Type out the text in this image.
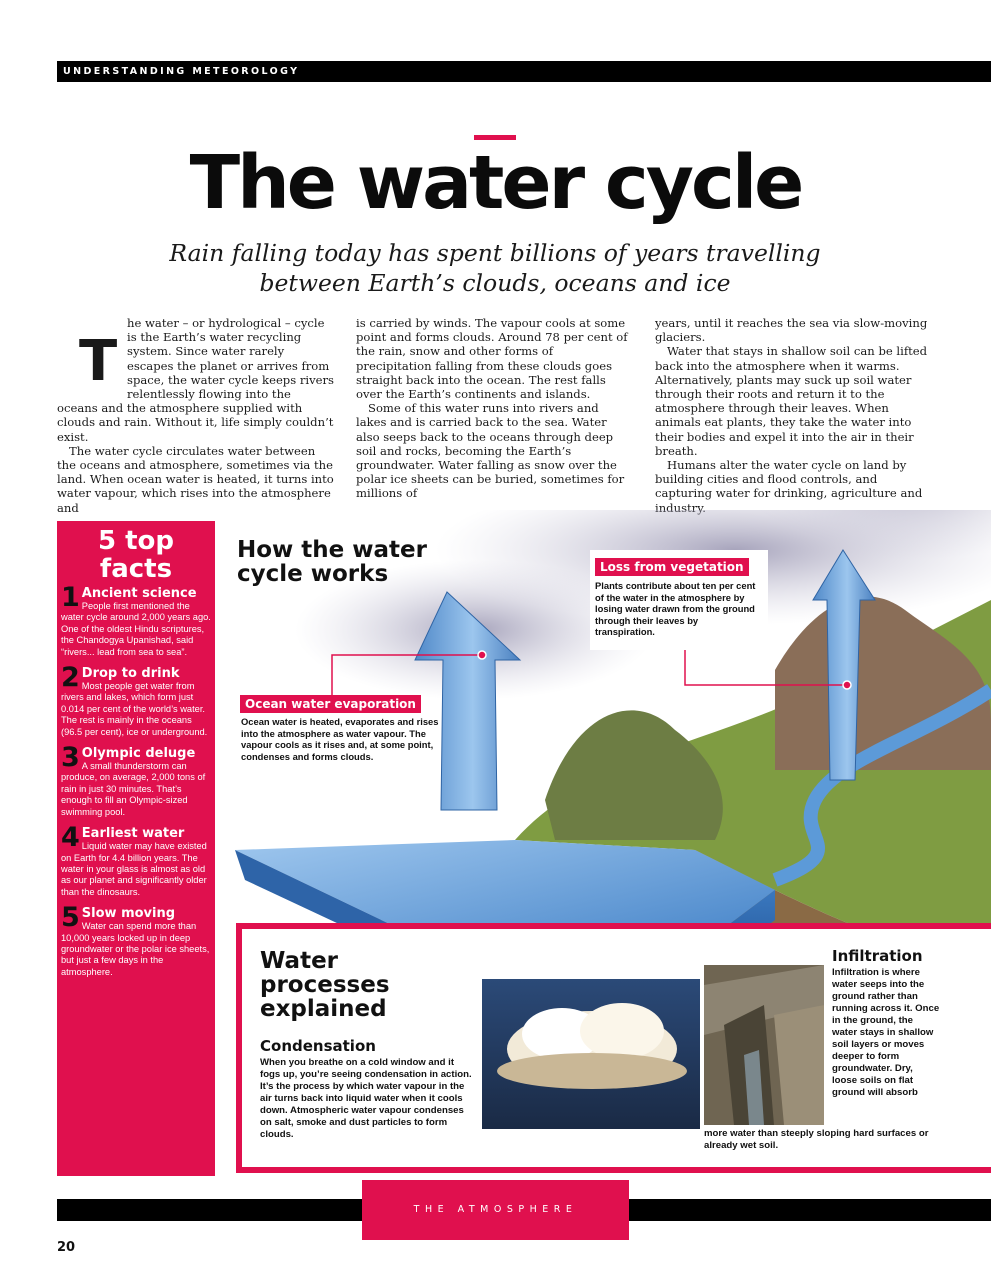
UNDERSTANDING METEOROLOGY
The water cycle
Rain falling today has spent billions of years travelling
between Earth’s clouds, oceans and ice
T

he water – or hydrological – cycle is the Earth’s water recycling system. Since water rarely escapes the planet or arrives from space, the water cycle keeps rivers relentlessly flowing into the oceans and the atmosphere supplied with clouds and rain. Without it, life simply couldn’t exist.

The water cycle circulates water between the oceans and atmosphere, sometimes via the land. When ocean water is heated, it turns into water vapour, which rises into the atmosphere and

is carried by winds. The vapour cools at some point and forms clouds. Around 78 per cent of the rain, snow and other forms of precipitation falling from these clouds goes straight back into the ocean. The rest falls over the Earth’s continents and islands.

Some of this water runs into rivers and lakes and is carried back to the sea. Water also seeps back to the oceans through deep soil and rocks, becoming the Earth’s groundwater. Water falling as snow over the polar ice sheets can be buried, sometimes for millions of

years, until it reaches the sea via slow-moving glaciers.

Water that stays in shallow soil can be lifted back into the atmosphere when it warms. Alternatively, plants may suck up soil water through their roots and return it to the atmosphere through their leaves. When animals eat plants, they take the water into their bodies and expel it into the air in their breath.

Humans alter the water cycle on land by building cities and flood controls, and capturing water for drinking, agriculture and industry.

5 top
facts
1 Ancient science
People first mentioned the water cycle around 2,000 years ago. One of the oldest Hindu scriptures, the Chandogya Upanishad, said “rivers... lead from sea to sea”.
2 Drop to drink
Most people get water from rivers and lakes, which form just 0.014 per cent of the world’s water. The rest is mainly in the oceans (96.5 per cent), ice or underground.
3 Olympic deluge
A small thunderstorm can produce, on average, 2,000 tons of rain in just 30 minutes. That’s enough to fill an Olympic-sized swimming pool.
4 Earliest water
Liquid water may have existed on Earth for 4.4 billion years. The water in your glass is almost as old as our planet and significantly older than the dinosaurs.
5 Slow moving
Water can spend more than 10,000 years locked up in deep groundwater or the polar ice sheets, but just a few days in the atmosphere.
How the water
cycle works
Ocean water evaporation
Ocean water is heated, evaporates and rises into the atmosphere as water vapour. The vapour cools as it rises and, at some point, condenses and forms clouds.
Loss from vegetation
Plants contribute about ten per cent of the water in the atmosphere by losing water drawn from the ground through their leaves by transpiration.
Water
processes
explained
Condensation

When you breathe on a cold window and it fogs up, you’re seeing condensation in action. It’s the process by which water vapour in the air turns back into liquid water when it cools down. Atmospheric water vapour condenses on salt, smoke and dust particles to form clouds.

Infiltration

Infiltration is where water seeps into the ground rather than running across it. Once in the ground, the water stays in shallow soil layers or moves deeper to form groundwater. Dry, loose soils on flat ground will absorb

more water than steeply sloping hard surfaces or already wet soil.

THE ATMOSPHERE
20
